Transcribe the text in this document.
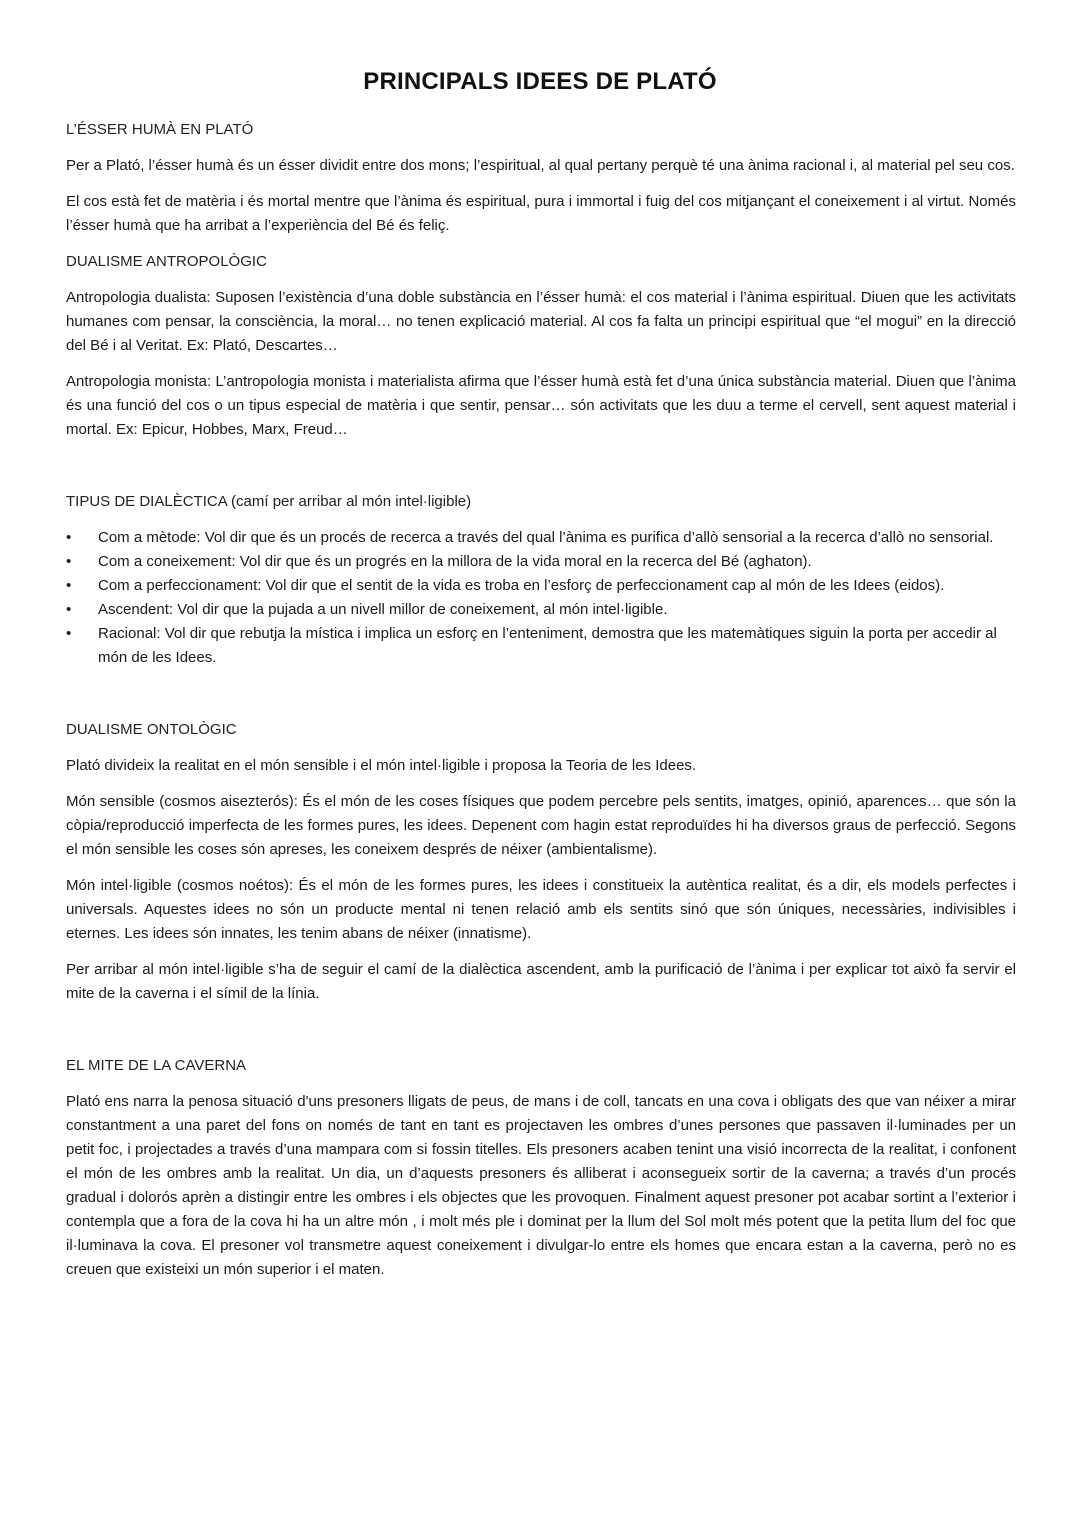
PRINCIPALS IDEES DE PLATÓ
L’ÉSSER HUMÀ EN PLATÓ

Per a Plató, l’ésser humà és un ésser dividit entre dos mons; l’espiritual, al qual pertany perquè té una ànima racional i, al material pel seu cos.

El cos està fet de matèria i és mortal mentre que l’ànima és espiritual, pura i immortal i fuig del cos mitjançant el coneixement i al virtut. Només l’ésser humà que ha arribat a l’experiència del Bé és feliç.

DUALISME ANTROPOLÒGIC

Antropologia dualista: Suposen l’existència d’una doble substància en l’ésser humà: el cos material i l’ànima espiritual. Diuen que les activitats humanes com pensar, la consciència, la moral… no tenen explicació material. Al cos fa falta un principi espiritual que “el mogui” en la direcció del Bé i al Veritat. Ex: Plató, Descartes…

Antropologia monista: L’antropologia monista i materialista afirma que l’ésser humà està fet d’una única substància material. Diuen que l’ànima és una funció del cos o un tipus especial de matèria i que sentir, pensar… són activitats que les duu a terme el cervell, sent aquest material i mortal. Ex: Epicur, Hobbes, Marx, Freud…

TIPUS DE DIALÈCTICA (camí per arribar al món intel·ligible)
• Com a mètode: Vol dir que és un procés de recerca a través del qual l’ànima es purifica d’allò sensorial a la recerca d’allò no sensorial.
• Com a coneixement: Vol dir que és un progrés en la millora de la vida moral en la recerca del Bé (aghaton).
• Com a perfeccionament: Vol dir que el sentit de la vida es troba en l’esforç de perfeccionament cap al món de les Idees (eidos).
• Ascendent: Vol dir que la pujada a un nivell millor de coneixement, al món intel·ligible.
• Racional: Vol dir que rebutja la mística i implica un esforç en l’enteniment, demostra que les matemàtiques siguin la porta per accedir al món de les Idees.
DUALISME ONTOLÒGIC

Plató divideix la realitat en el món sensible i el món intel·ligible i proposa la Teoria de les Idees.

Món sensible (cosmos aisezterós): És el món de les coses físiques que podem percebre pels sentits, imatges, opinió, aparences… que són la còpia/reproducció imperfecta de les formes pures, les idees. Depenent com hagin estat reproduïdes hi ha diversos graus de perfecció. Segons el món sensible les coses són apreses, les coneixem després de néixer (ambientalisme).

Món intel·ligible (cosmos noétos): És el món de les formes pures, les idees i constitueix la autèntica realitat, és a dir, els models perfectes i universals. Aquestes idees no són un producte mental ni tenen relació amb els sentits sinó que són úniques, necessàries, indivisibles i eternes. Les idees són innates, les tenim abans de néixer (innatisme).

Per arribar al món intel·ligible s’ha de seguir el camí de la dialèctica ascendent, amb la purificació de l’ànima i per explicar tot això fa servir el mite de la caverna i el símil de la línia.

EL MITE DE LA CAVERNA

Plató ens narra la penosa situació d'uns presoners lligats de peus, de mans i de coll, tancats en una cova i obligats des que van néixer a mirar constantment a una paret del fons on només de tant en tant es projectaven les ombres d’unes persones que passaven il·luminades per un petit foc, i projectades a través d’una mampara com si fossin titelles. Els presoners acaben tenint una visió incorrecta de la realitat, i confonent el món de les ombres amb la realitat. Un dia, un d’aquests presoners és alliberat i aconsegueix sortir de la caverna; a través d’un procés gradual i dolorós aprèn a distingir entre les ombres i els objectes que les provoquen. Finalment aquest presoner pot acabar sortint a l’exterior i contempla que a fora de la cova hi ha un altre món , i molt més ple i dominat per la llum del Sol molt més potent que la petita llum del foc que il·luminava la cova. El presoner vol transmetre aquest coneixement i divulgar-lo entre els homes que encara estan a la caverna, però no es creuen que existeixi un món superior i el maten.
